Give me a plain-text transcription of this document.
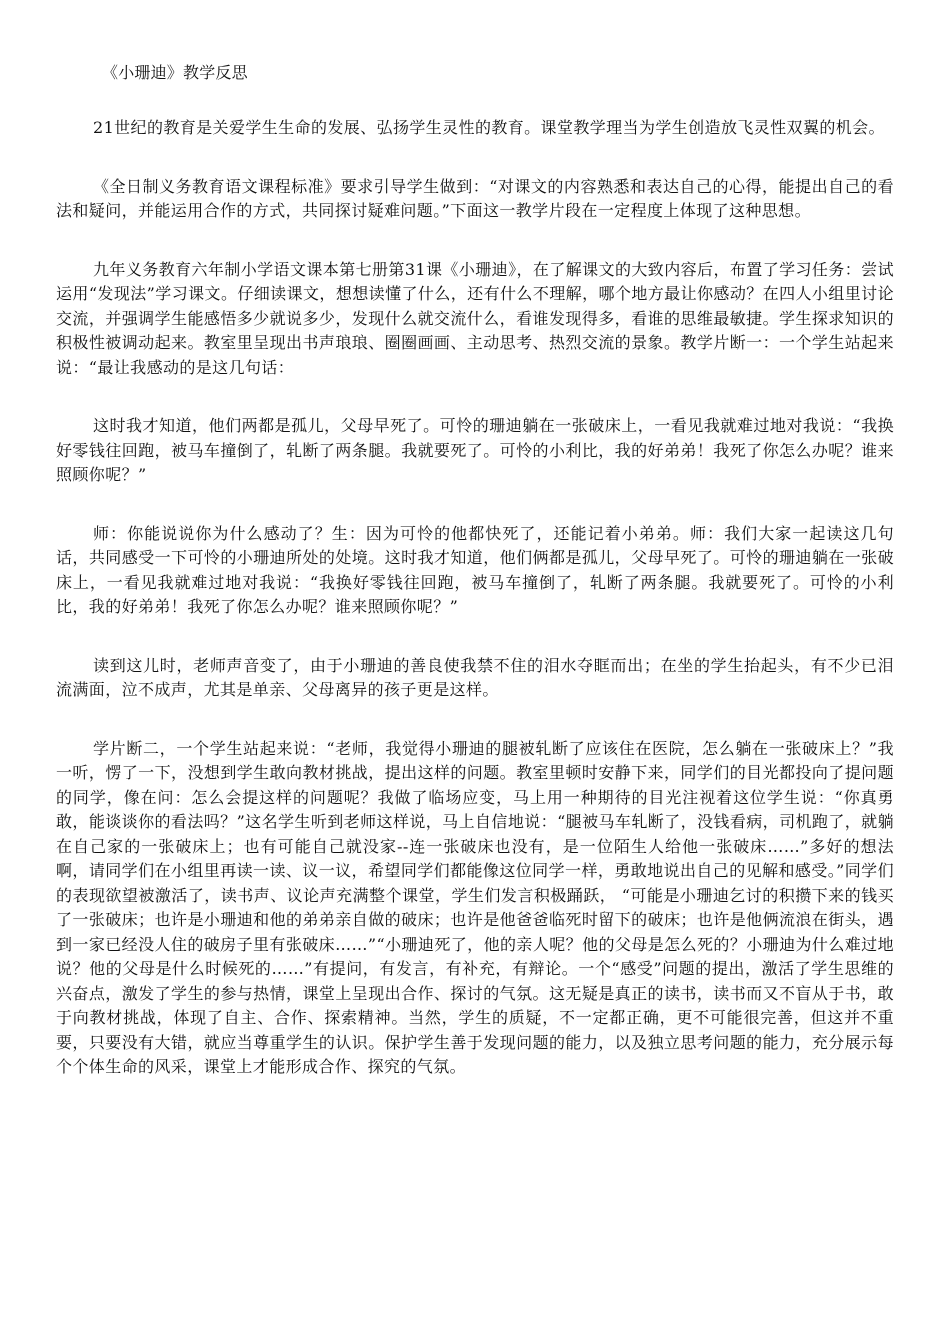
《小珊迪》教学反思

21世纪的教育是关爱学生生命的发展、弘扬学生灵性的教育。课堂教学理当为学生创造放飞灵性双翼的机会。

《全日制义务教育语文课程标准》要求引导学生做到：“对课文的内容熟悉和表达自己的心得，能提出自己的看法和疑问，并能运用合作的方式，共同探讨疑难问题。”下面这一教学片段在一定程度上体现了这种思想。

九年义务教育六年制小学语文课本第七册第31课《小珊迪》，在了解课文的大致内容后，布置了学习任务：尝试运用“发现法”学习课文。仔细读课文，想想读懂了什么，还有什么不理解，哪个地方最让你感动？在四人小组里讨论交流，并强调学生能感悟多少就说多少，发现什么就交流什么，看谁发现得多，看谁的思维最敏捷。学生探求知识的积极性被调动起来。教室里呈现出书声琅琅、圈圈画画、主动思考、热烈交流的景象。教学片断一：一个学生站起来说：“最让我感动的是这几句话：

这时我才知道，他们两都是孤儿，父母早死了。可怜的珊迪躺在一张破床上，一看见我就难过地对我说：“我换好零钱往回跑，被马车撞倒了，轧断了两条腿。我就要死了。可怜的小利比，我的好弟弟！我死了你怎么办呢？谁来照顾你呢？”

师：你能说说你为什么感动了？生：因为可怜的他都快死了，还能记着小弟弟。师：我们大家一起读这几句话，共同感受一下可怜的小珊迪所处的处境。这时我才知道，他们俩都是孤儿，父母早死了。可怜的珊迪躺在一张破床上，一看见我就难过地对我说：“我换好零钱往回跑，被马车撞倒了，轧断了两条腿。我就要死了。可怜的小利比，我的好弟弟！我死了你怎么办呢？谁来照顾你呢？”

读到这儿时，老师声音变了，由于小珊迪的善良使我禁不住的泪水夺眶而出；在坐的学生抬起头，有不少已泪流满面，泣不成声，尤其是单亲、父母离异的孩子更是这样。

学片断二，一个学生站起来说：“老师，我觉得小珊迪的腿被轧断了应该住在医院，怎么躺在一张破床上？”我一听，愣了一下，没想到学生敢向教材挑战，提出这样的问题。教室里顿时安静下来，同学们的目光都投向了提问题的同学，像在问：怎么会提这样的问题呢？我做了临场应变，马上用一种期待的目光注视着这位学生说：“你真勇敢，能谈谈你的看法吗？”这名学生听到老师这样说，马上自信地说：“腿被马车轧断了，没钱看病，司机跑了，就躺在自己家的一张破床上；也有可能自己就没家--连一张破床也没有，是一位陌生人给他一张破床……”多好的想法啊，请同学们在小组里再读一读、议一议，希望同学们都能像这位同学一样，勇敢地说出自己的见解和感受。”同学们的表现欲望被激活了，读书声、议论声充满整个课堂，学生们发言积极踊跃， “可能是小珊迪乞讨的积攒下来的钱买了一张破床；也许是小珊迪和他的弟弟亲自做的破床；也许是他爸爸临死时留下的破床；也许是他俩流浪在街头，遇到一家已经没人住的破房子里有张破床……”“小珊迪死了，他的亲人呢？他的父母是怎么死的？小珊迪为什么难过地说？他的父母是什么时候死的……”有提问，有发言，有补充，有辩论。一个“感受”问题的提出，激活了学生思维的兴奋点，激发了学生的参与热情，课堂上呈现出合作、探讨的气氛。这无疑是真正的读书，读书而又不盲从于书，敢于向教材挑战，体现了自主、合作、探索精神。当然，学生的质疑，不一定都正确，更不可能很完善，但这并不重要，只要没有大错，就应当尊重学生的认识。保护学生善于发现问题的能力，以及独立思考问题的能力，充分展示每个个体生命的风采，课堂上才能形成合作、探究的气氛。
